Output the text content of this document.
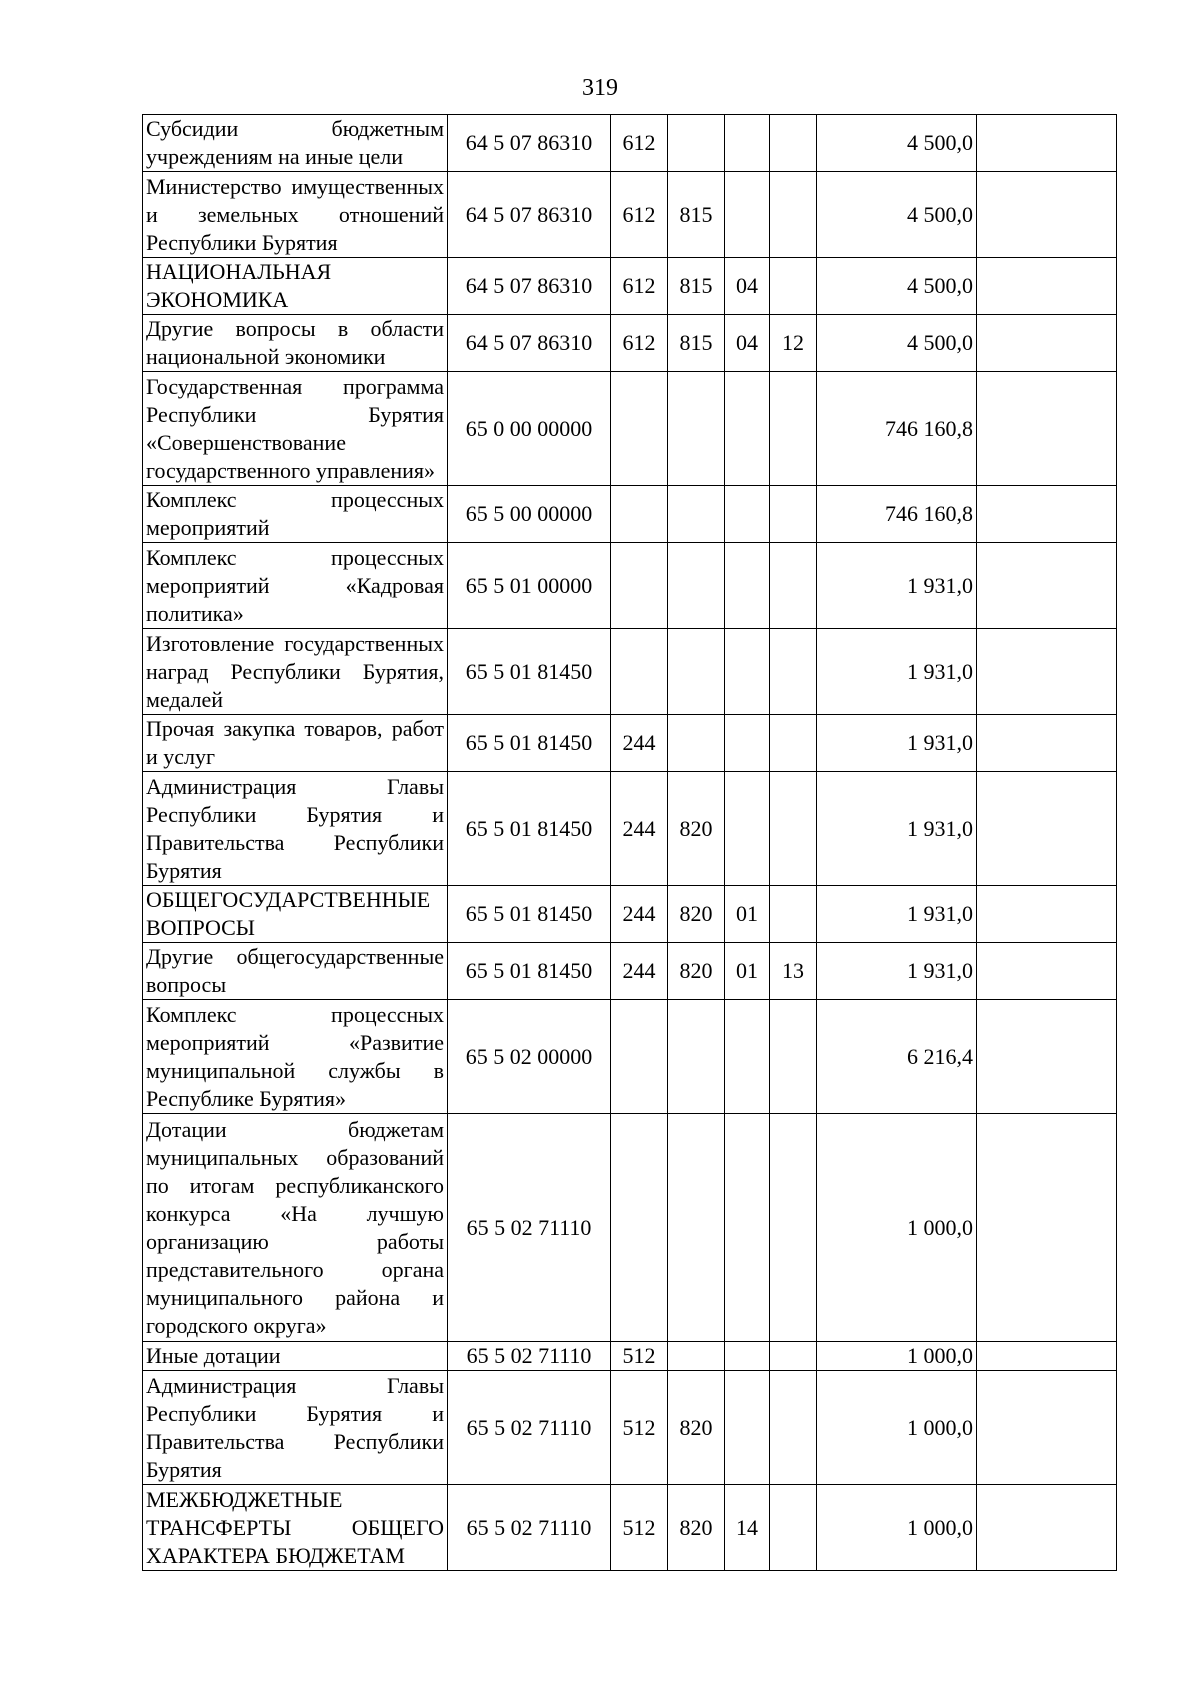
319
Субсидии бюджетным учреждениям на иные цели	64 5 07 86310	612				4 500,0	
Министерство имущественных и земельных отношений Республики Бурятия	64 5 07 86310	612	815			4 500,0	
НАЦИОНАЛЬНАЯ ЭКОНОМИКА	64 5 07 86310	612	815	04		4 500,0	
Другие вопросы в области национальной экономики	64 5 07 86310	612	815	04	12	4 500,0	
Государственная программа Республики Бурятия «Совершенствование государственного управления»	65 0 00 00000					746 160,8	
Комплекс процессных мероприятий	65 5 00 00000					746 160,8	
Комплекс процессных мероприятий «Кадровая политика»	65 5 01 00000					1 931,0	
Изготовление государственных наград Республики Бурятия, медалей	65 5 01 81450					1 931,0	
Прочая закупка товаров, работ и услуг	65 5 01 81450	244				1 931,0	
Администрация Главы Республики Бурятия и Правительства Республики Бурятия	65 5 01 81450	244	820			1 931,0	
ОБЩЕГОСУДАРСТВЕННЫЕ ВОПРОСЫ	65 5 01 81450	244	820	01		1 931,0	
Другие общегосударственные вопросы	65 5 01 81450	244	820	01	13	1 931,0	
Комплекс процессных мероприятий «Развитие муниципальной службы в Республике Бурятия»	65 5 02 00000					6 216,4	
Дотации бюджетам муниципальных образований по итогам республиканского конкурса «На лучшую организацию работы представительного органа муниципального района и городского округа»	65 5 02 71110					1 000,0	
Иные дотации	65 5 02 71110	512				1 000,0	
Администрация Главы Республики Бурятия и Правительства Республики Бурятия	65 5 02 71110	512	820			1 000,0	
МЕЖБЮДЖЕТНЫЕ ТРАНСФЕРТЫ ОБЩЕГО ХАРАКТЕРА БЮДЖЕТАМ	65 5 02 71110	512	820	14		1 000,0	
